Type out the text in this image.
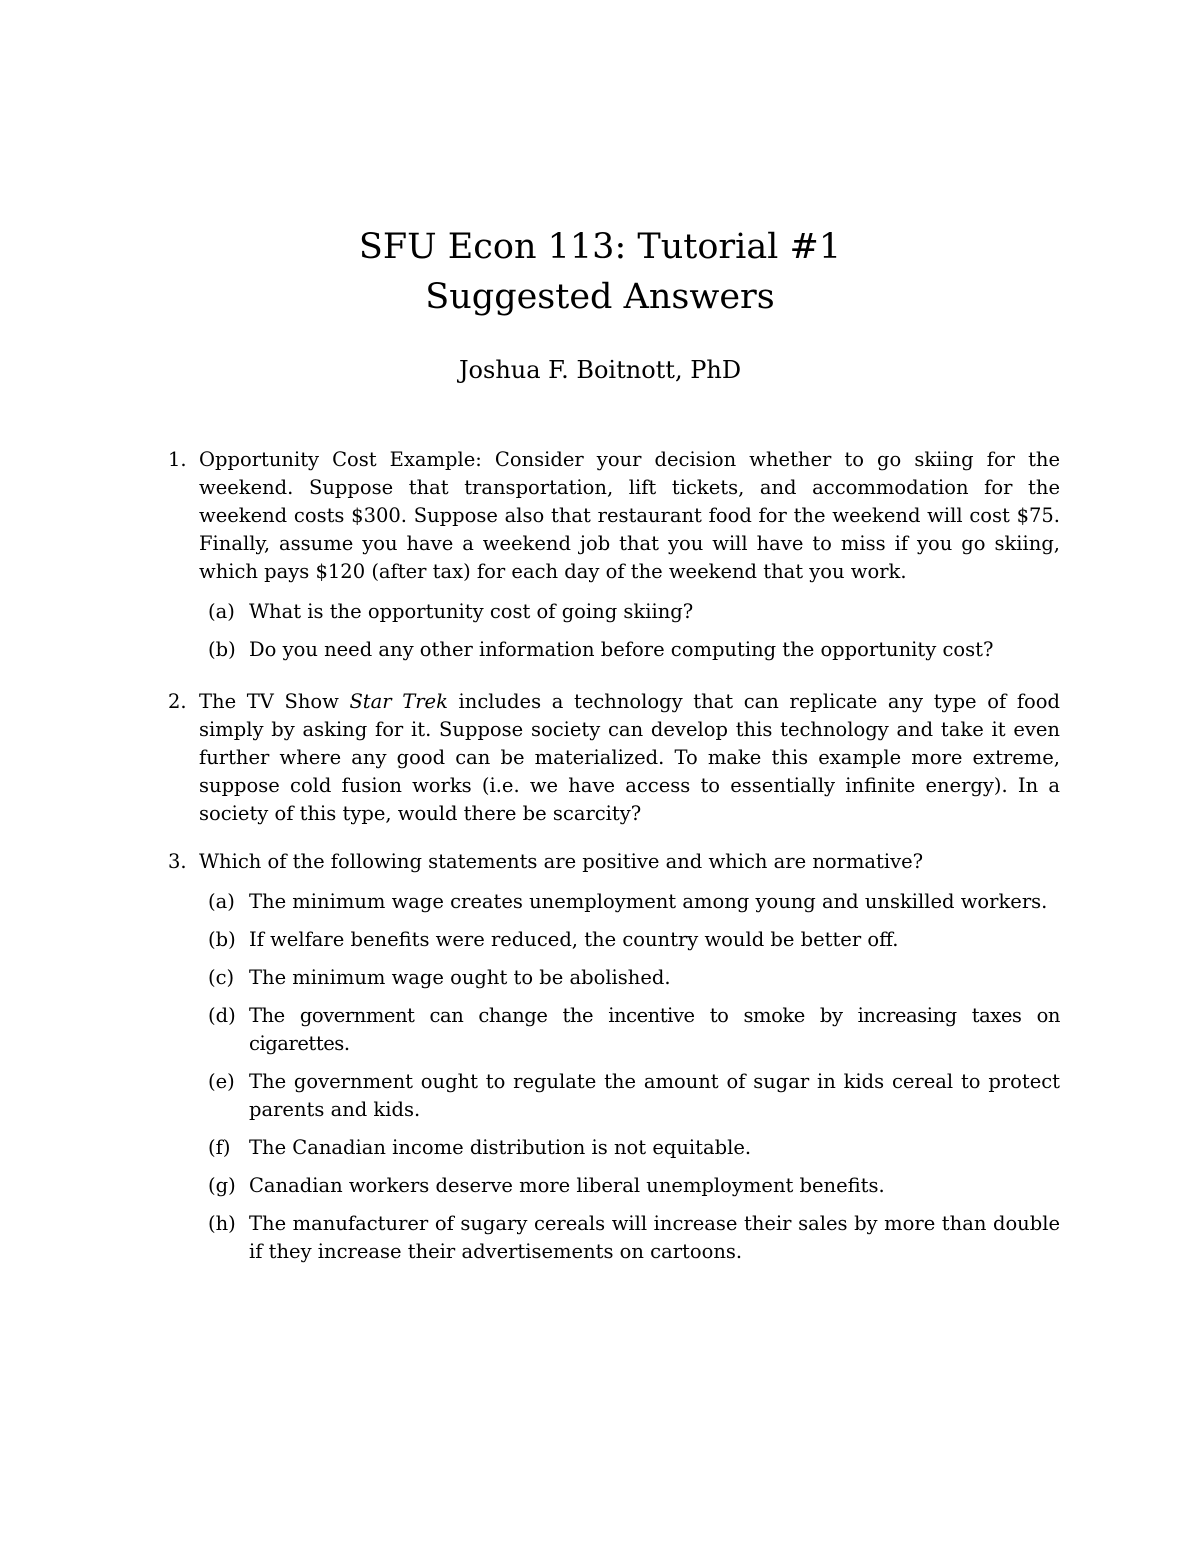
SFU Econ 113: Tutorial #1
Suggested Answers
Joshua F. Boitnott, PhD
1. Opportunity Cost Example: Consider your decision whether to go skiing for the weekend. Suppose that transportation, lift tickets, and accommodation for the weekend costs $300. Suppose also that restaurant food for the weekend will cost $75. Finally, assume you have a weekend job that you will have to miss if you go skiing, which pays $120 (after tax) for each day of the weekend that you work.
(a) What is the opportunity cost of going skiing?
(b) Do you need any other information before computing the opportunity cost?
2. The TV Show Star Trek includes a technology that can replicate any type of food simply by asking for it. Suppose society can develop this technology and take it even further where any good can be materialized. To make this example more extreme, suppose cold fusion works (i.e. we have access to essentially infinite energy). In a society of this type, would there be scarcity?
3. Which of the following statements are positive and which are normative?
(a) The minimum wage creates unemployment among young and unskilled workers.
(b) If welfare benefits were reduced, the country would be better off.
(c) The minimum wage ought to be abolished.
(d) The government can change the incentive to smoke by increasing taxes on cigarettes.
(e) The government ought to regulate the amount of sugar in kids cereal to protect parents and kids.
(f) The Canadian income distribution is not equitable.
(g) Canadian workers deserve more liberal unemployment benefits.
(h) The manufacturer of sugary cereals will increase their sales by more than double if they increase their advertisements on cartoons.
